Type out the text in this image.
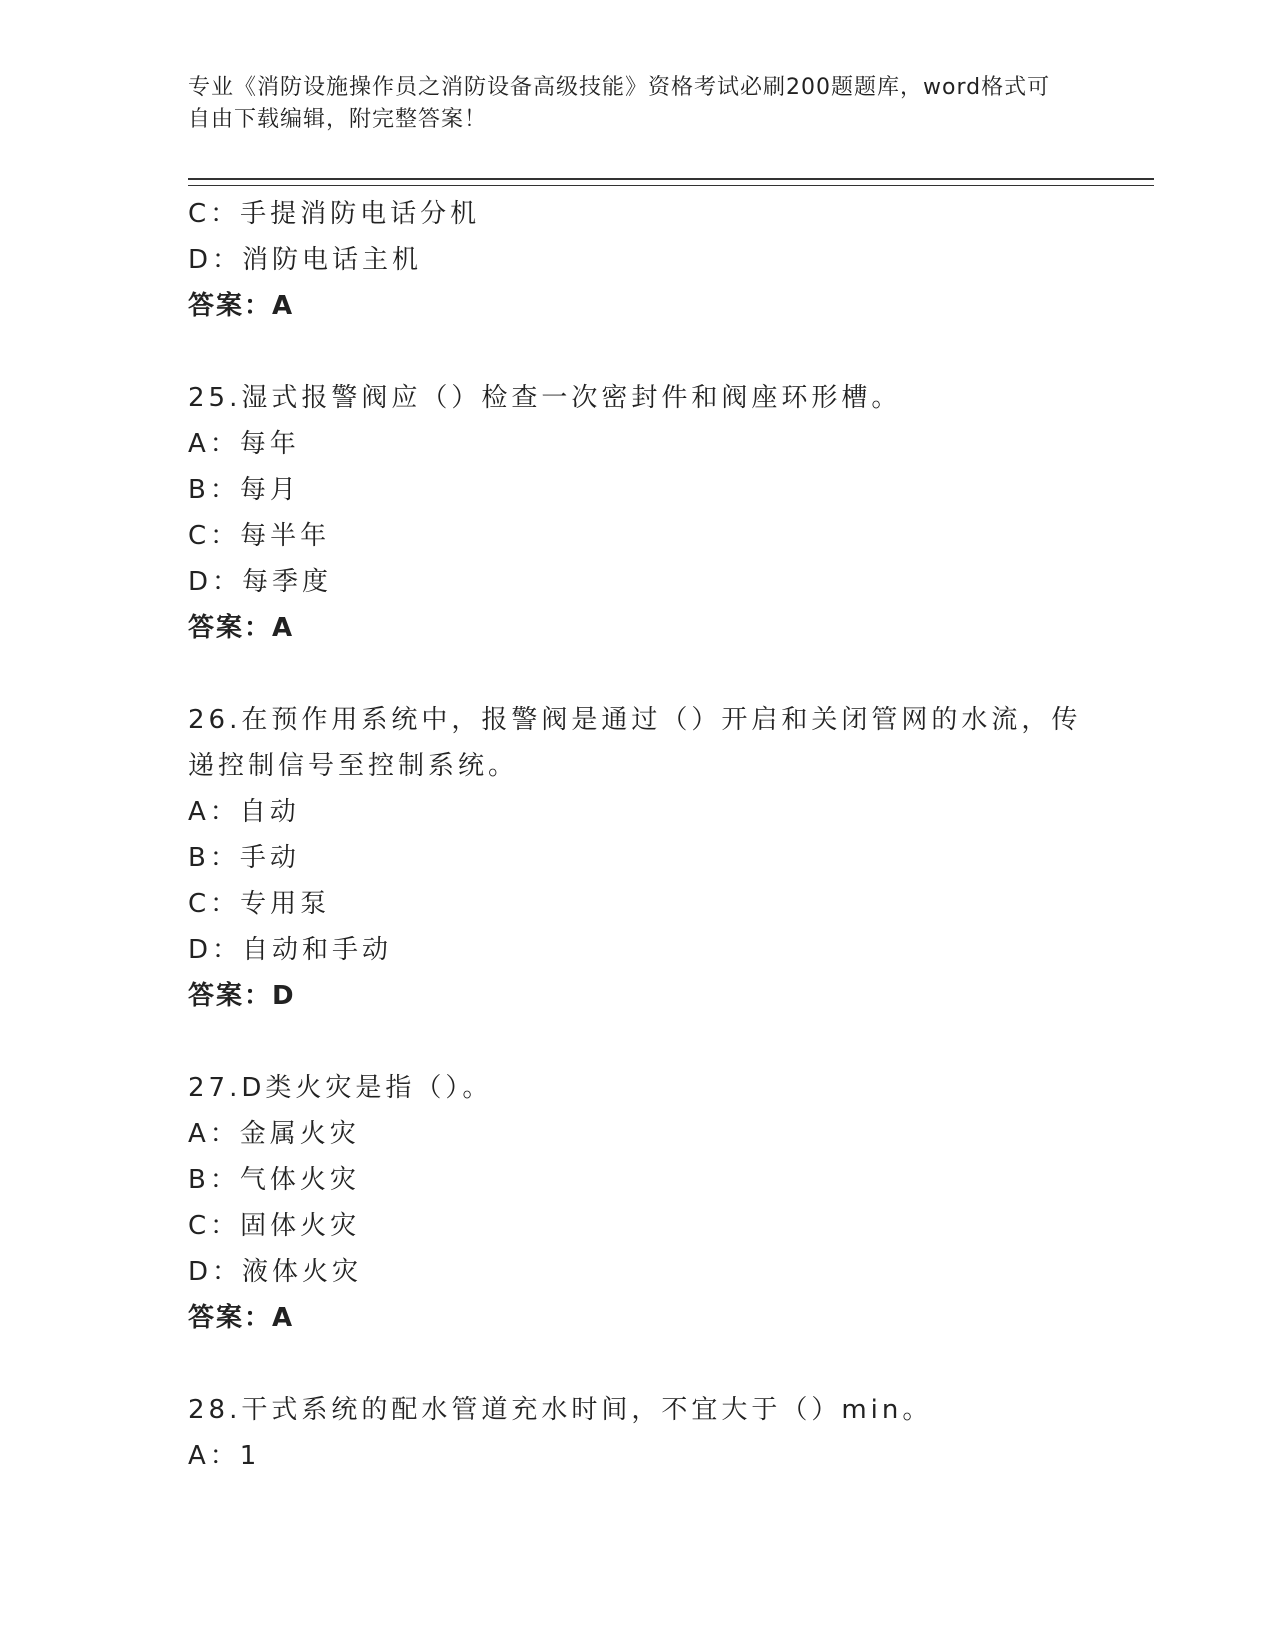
专业《消防设施操作员之消防设备高级技能》资格考试必刷200题题库，word格式可自由下载编辑，附完整答案！
C：手提消防电话分机
D：消防电话主机
答案：A
25.湿式报警阀应（）检查一次密封件和阀座环形槽。
A：每年
B：每月
C：每半年
D：每季度
答案：A
26.在预作用系统中，报警阀是通过（）开启和关闭管网的水流，传递控制信号至控制系统。
A：自动
B：手动
C：专用泵
D：自动和手动
答案：D
27.D类火灾是指（）。
A：金属火灾
B：气体火灾
C：固体火灾
D：液体火灾
答案：A
28.干式系统的配水管道充水时间，不宜大于（）min。
A：1
